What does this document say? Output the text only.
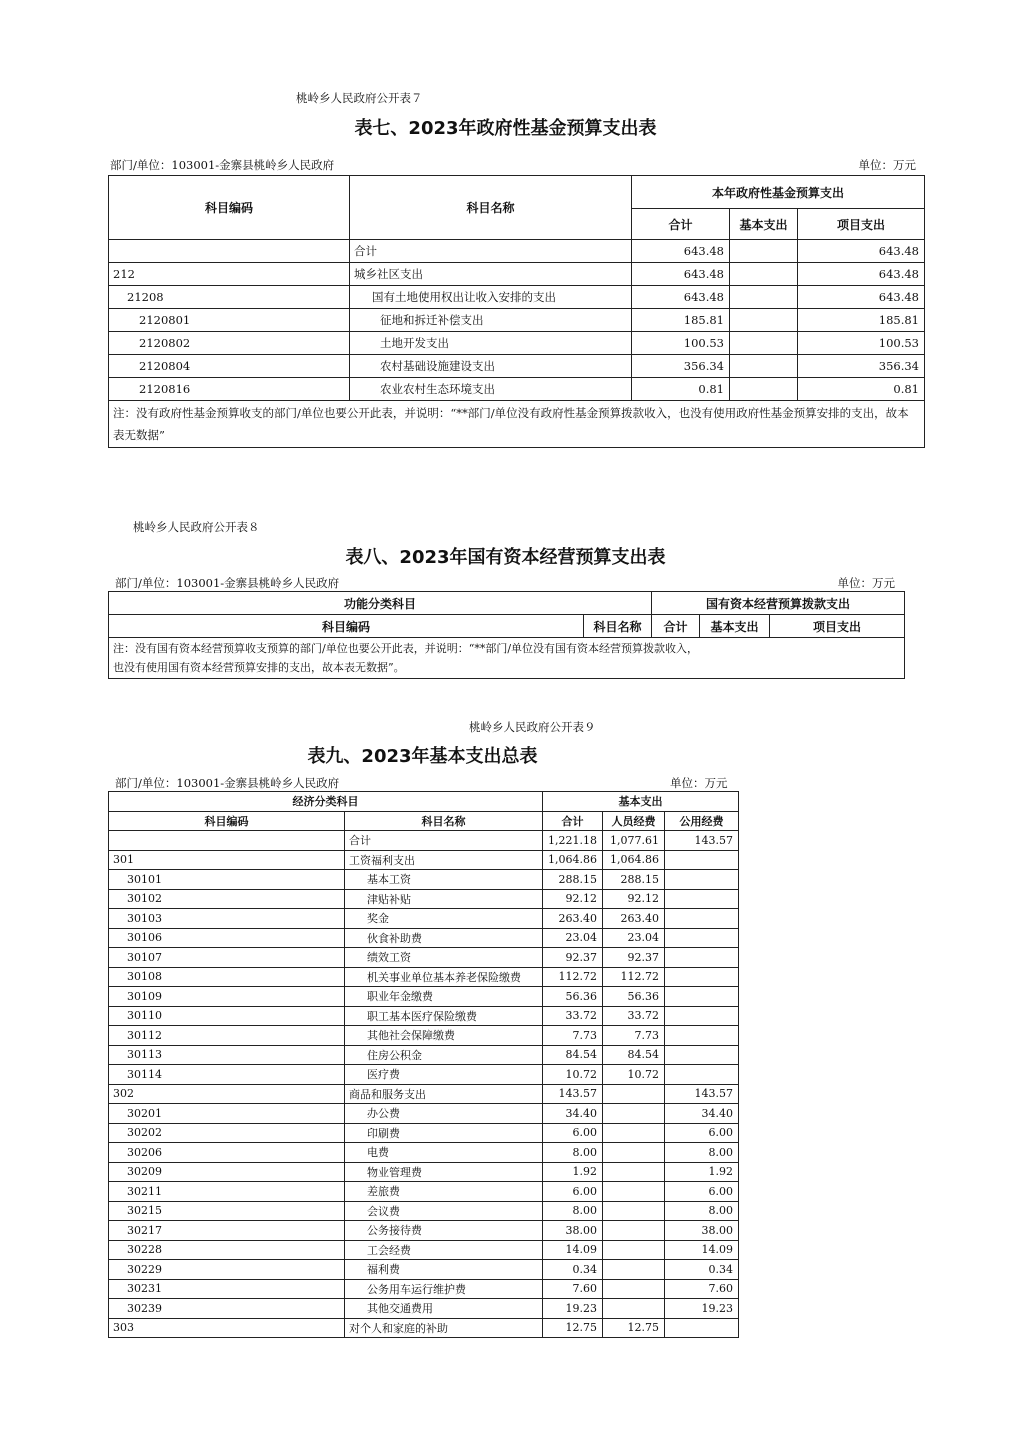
桃岭乡人民政府公开表７
表七、2023年政府性基金预算支出表
部门/单位：103001-金寨县桃岭乡人民政府	单位：万元
科目编码	科目名称	本年政府性基金预算支出		
		合计	基本支出	项目支出
	合计	643.48		643.48
212	城乡社区支出	643.48		643.48
21208	国有土地使用权出让收入安排的支出	643.48		643.48
2120801	征地和拆迁补偿支出	185.81		185.81
2120802	土地开发支出	100.53		100.53
2120804	农村基础设施建设支出	356.34		356.34
2120816	农业农村生态环境支出	0.81		0.81
注：没有政府性基金预算收支的部门/单位也要公开此表，并说明：“**部门/单位没有政府性基金预算拨款收入，也没有使用政府性基金预算安排的支出，故本表无数据”				
桃岭乡人民政府公开表８
表八、2023年国有资本经营预算支出表
部门/单位：103001-金寨县桃岭乡人民政府	单位：万元
功能分类科目		国有资本经营预算拨款支出		
科目编码	科目名称	合计	基本支出	项目支出

注：没有国有资本经营预算收支预算的部门/单位也要公开此表，并说明：“**部门/单位没有国有资本经营预算拨款收入，
也没有使用国有资本经营预算安排的支出，故本表无数据”。				
桃岭乡人民政府公开表９
表九、2023年基本支出总表
部门/单位：103001-金寨县桃岭乡人民政府	单位：万元
经济分类科目		基本支出		
科目编码	科目名称	合计	人员经费	公用经费
	合计	1,221.18	1,077.61	143.57
301	工资福利支出	1,064.86	1,064.86	
30101	基本工资	288.15	288.15	
30102	津贴补贴	92.12	92.12	
30103	奖金	263.40	263.40	
30106	伙食补助费	23.04	23.04	
30107	绩效工资	92.37	92.37	
30108	机关事业单位基本养老保险缴费	112.72	112.72	
30109	职业年金缴费	56.36	56.36	
30110	职工基本医疗保险缴费	33.72	33.72	
30112	其他社会保障缴费	7.73	7.73	
30113	住房公积金	84.54	84.54	
30114	医疗费	10.72	10.72	
302	商品和服务支出	143.57		143.57
30201	办公费	34.40		34.40
30202	印刷费	6.00		6.00
30206	电费	8.00		8.00
30209	物业管理费	1.92		1.92
30211	差旅费	6.00		6.00
30215	会议费	8.00		8.00
30217	公务接待费	38.00		38.00
30228	工会经费	14.09		14.09
30229	福利费	0.34		0.34
30231	公务用车运行维护费	7.60		7.60
30239	其他交通费用	19.23		19.23
303	对个人和家庭的补助	12.75	12.75	
